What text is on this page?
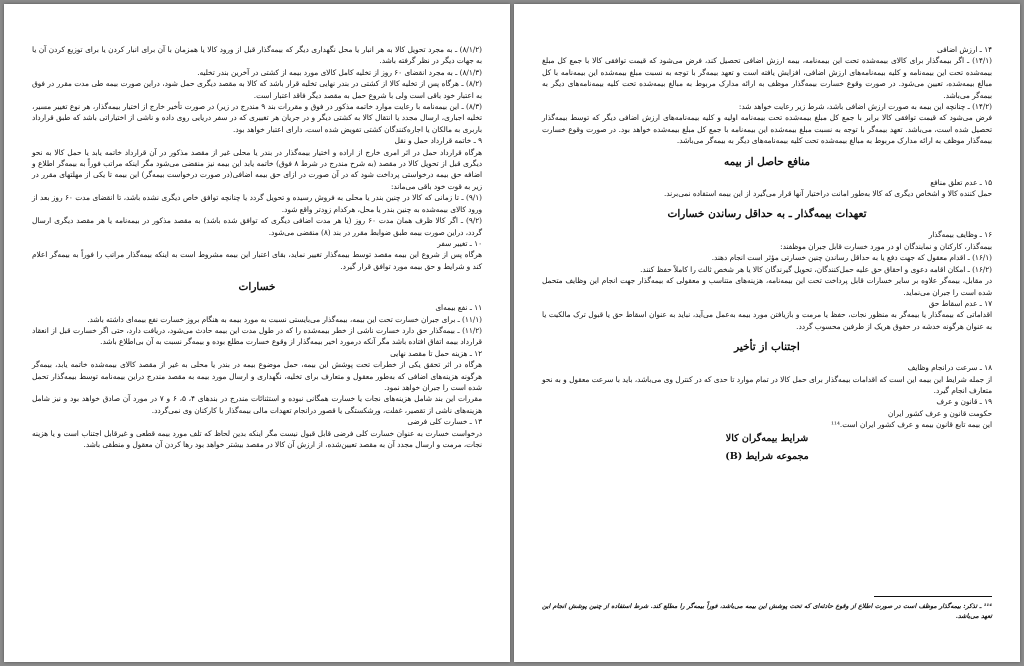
(۸/۱/۲) ـ به مجرد تحویل کالا به هر انبار یا محل نگهداری دیگر که بیمه‌گذار قبل از ورود کالا یا همزمان با آن برای انبار کردن یا برای توزیع کردن آن یا به جهات دیگر در نظر گرفته باشد.

(۸/۱/۳) ـ به مجرد انقضای ۶۰ روز از تخلیه کامل کالای مورد بیمه از کشتی در آخرین بندر تخلیه.

(۸/۲) ـ هرگاه پس از تخلیه کالا از کشتی در بندر نهایی تخلیه قرار باشد که کالا به مقصد دیگری حمل شود، دراین صورت بیمه طی مدت مقرر در فوق به اعتبار خود باقی است ولی با شروع حمل به مقصد دیگر فاقد اعتبار است.

(۸/۳) ـ این بیمه‌نامه با رعایت موارد خاتمه مذکور در فوق و مقررات بند ۹ مندرج در زیر) در صورت تأخیر خارج از اختیار بیمه‌گذار، هر نوع تغییر مسیر، تخلیه اجباری، ارسال مجدد یا انتقال کالا به کشتی دیگر و در جریان هر تغییری که در سفر دریایی روی داده و ناشی از اختیاراتی باشد که طبق قرارداد باربری به مالکان یا اجاره‌کنندگان کشتی تفویض شده است، دارای اعتبار خواهد بود.

۹ ـ خاتمه قرارداد حمل و نقل

هرگاه قرارداد حمل در اثر امری خارج از اراده و اختیار بیمه‌گذار در بندر یا محلی غیر از مقصد مذکور در آن قرارداد خاتمه یابد یا حمل کالا به نحو دیگری قبل از تحویل کالا در مقصد (به شرح مندرج در شرط ۸ فوق) خاتمه یابد این بیمه نیز منقضی می‌شود مگر اینکه مراتب فوراً به بیمه‌گر اطلاع و اضافه حق بیمه درخواستی پرداخت شود که در آن صورت در ازای حق بیمه اضافی(در صورت درخواست بیمه‌گر) این بیمه تا یکی از مهلتهای مقرر در زیر به قوت خود باقی می‌ماند:

(۹/۱) ـ تا زمانی که کالا در چنین بندر یا محلی به فروش رسیده و تحویل گردد یا چنانچه توافق خاص دیگری نشده باشد، تا انقضای مدت ۶۰ روز بعد از ورود کالای بیمه‌شده به چنین بندر یا محل، هرکدام زودتر واقع شود.

(۹/۲) ـ اگر کالا ظرف همان مدت ۶۰ روز (یا هر مدت اضافی دیگری که توافق شده باشد) به مقصد مذکور در بیمه‌نامه یا هر مقصد دیگری ارسال گردد، دراین صورت بیمه طبق ضوابط مقرر در بند (۸) منقضی می‌شود.

۱۰ ـ تغییر سفر

هرگاه پس از شروع این بیمه مقصد توسط بیمه‌گذار تغییر نماید، بقای اعتبار این بیمه مشروط است به اینکه بیمه‌گذار مراتب را فوراً به بیمه‌گر اعلام کند و شرایط و حق بیمه مورد توافق قرار گیرد.

خسارات

۱۱ ـ نفع بیمه‌ای

(۱۱/۱) ـ برای جبران خسارت تحت این بیمه، بیمه‌گذار می‌بایستی نسبت به مورد بیمه به هنگام بروز خسارت نفع بیمه‌ای داشته باشد.

(۱۱/۲) ـ بیمه‌گذار حق دارد خسارت ناشی از خطر بیمه‌شده را که در طول مدت این بیمه حادث می‌شود، دریافت دارد، حتی اگر خسارت قبل از انعقاد قرارداد بیمه اتفاق افتاده باشد مگر آنکه درمورد اخیر بیمه‌گذار از وقوع خسارت مطلع بوده و بیمه‌گر نسبت به آن بی‌اطلاع باشد.

۱۲ ـ هزینه حمل تا مقصد نهایی

هرگاه در اثر تحقق یکی از خطرات تحت پوشش این بیمه، حمل موضوع بیمه در بندر یا محلی به غیر از مقصد کالای بیمه‌شده خاتمه یابد، بیمه‌گر هرگونه هزینه‌های اضافی که به‌طور معقول و متعارف برای تخلیه، نگهداری و ارسال مورد بیمه به مقصد مندرج دراین بیمه‌نامه توسط بیمه‌گذار تحمل شده است را جبران خواهد نمود.

مقررات این بند شامل هزینه‌های نجات یا خسارت همگانی نبوده و استثنائات مندرج در بندهای ۴، ۵، ۶ و ۷ در مورد آن صادق خواهد بود و نیز شامل هزینه‌های ناشی از تقصیر، غفلت، ورشکستگی یا قصور درانجام تعهدات مالی بیمه‌گذار یا کارکنان وی نمی‌گردد.

۱۳ ـ خسارت کلی فرضی

درخواست خسارت به عنوان خسارت کلی فرضی قابل قبول نیست مگر اینکه بدین لحاظ که تلف مورد بیمه قطعی و غیرقابل اجتناب است و یا هزینه نجات، مرمت و ارسال مجدد آن به مقصد تعیین‌شده، از ارزش آن کالا در مقصد بیشتر خواهد بود رها کردن آن معقول و منطقی باشد.

۱۴ ـ ارزش اضافی

(۱۴/۱) ـ اگر بیمه‌گذار برای کالای بیمه‌شده تحت این بیمه‌نامه، بیمه ارزش اضافی تحصیل کند، فرض می‌شود که قیمت توافقی کالا با جمع کل مبلغ بیمه‌شده تحت این بیمه‌نامه و کلیه بیمه‌نامه‌های ارزش اضافی، افزایش یافته است و تعهد بیمه‌گر با توجه به نسبت مبلغ بیمه‌شده این بیمه‌نامه با کل مبالغ بیمه‌شده، تعیین می‌شود. در صورت وقوع خسارت بیمه‌گذار موظف به ارائه مدارک مربوط به مبالغ بیمه‌شده تحت کلیه بیمه‌نامه‌های دیگر به بیمه‌گر می‌باشد.

(۱۴/۲) ـ چنانچه این بیمه به صورت ارزش اضافی باشد، شرط زیر رعایت خواهد شد:

فرض می‌شود که قیمت توافقی کالا برابر با جمع کل مبلغ بیمه‌شده تحت بیمه‌نامه اولیه و کلیه بیمه‌نامه‌های ارزش اضافی دیگر که توسط بیمه‌گذار تحصیل شده است، می‌باشد. تعهد بیمه‌گر با توجه به نسبت مبلغ بیمه‌شده این بیمه‌نامه با جمع کل مبلغ بیمه‌شده خواهد بود. در صورت وقوع خسارت بیمه‌گذار موظف به ارائه مدارک مربوط به مبالغ بیمه‌شده تحت کلیه بیمه‌نامه‌های دیگر به بیمه‌گر می‌باشد.

منافع حاصل از بیمه

۱۵ ـ عدم تعلق منافع

حمل کننده کالا و اشخاص دیگری که کالا به‌طور امانت دراختیار آنها قرار می‌گیرد از این بیمه استفاده نمی‌برند.

تعهدات بیمه‌گذار ـ به حداقل رساندن خسارات

۱۶ ـ وظایف بیمه‌گذار

بیمه‌گذار، کارکنان و نمایندگان او در مورد خسارت قابل جبران موظفند:

(۱۶/۱) ـ اقدام معقول که جهت دفع یا به حداقل رساندن چنین خسارتی مؤثر است انجام دهند.

(۱۶/۲) ـ امکان اقامه دعوی و احقاق حق علیه حمل‌کنندگان، تحویل گیرندگان کالا یا هر شخص ثالث را کاملاً حفظ کنند.

در مقابل، بیمه‌گر علاوه بر سایر خسارات قابل پرداخت تحت این بیمه‌نامه، هزینه‌های متناسب و معقولی که بیمه‌گذار جهت انجام این وظایف متحمل شده است را جبران می‌نماید.

۱۷ ـ عدم اسقاط حق

اقداماتی که بیمه‌گذار یا بیمه‌گر به منظور نجات، حفظ یا مرمت و بازیافتن مورد بیمه به‌عمل می‌آید، نباید به عنوان اسقاط حق یا قبول ترک مالکیت یا به عنوان هرگونه خدشه در حقوق هریک از طرفین محسوب گردد.

اجتناب از تأخیر

۱۸ ـ سرعت درانجام وظایف

از جمله شرایط این بیمه این است که اقدامات بیمه‌گذار برای حمل کالا در تمام موارد تا حدی که در کنترل وی می‌باشد، باید با سرعت معقول و به نحو متعارف انجام گیرد.

۱۹ ـ قانون و عرف

حکومت قانون و عرف کشور ایران

این بیمه تابع قانون بیمه و عرف کشور ایران است.¹¹⁴

شرایط بیمه‌گران کالا

مجموعه شرایط (B)

¹¹⁴ ـ تذکر: بیمه‌گذار موظف است در صورت اطلاع از وقوع حادثه‌ای که تحت پوشش این بیمه می‌باشد، فوراً بیمه‌گر را مطلع کند. شرط استفاده از چنین پوشش انجام این تعهد می‌باشد.
